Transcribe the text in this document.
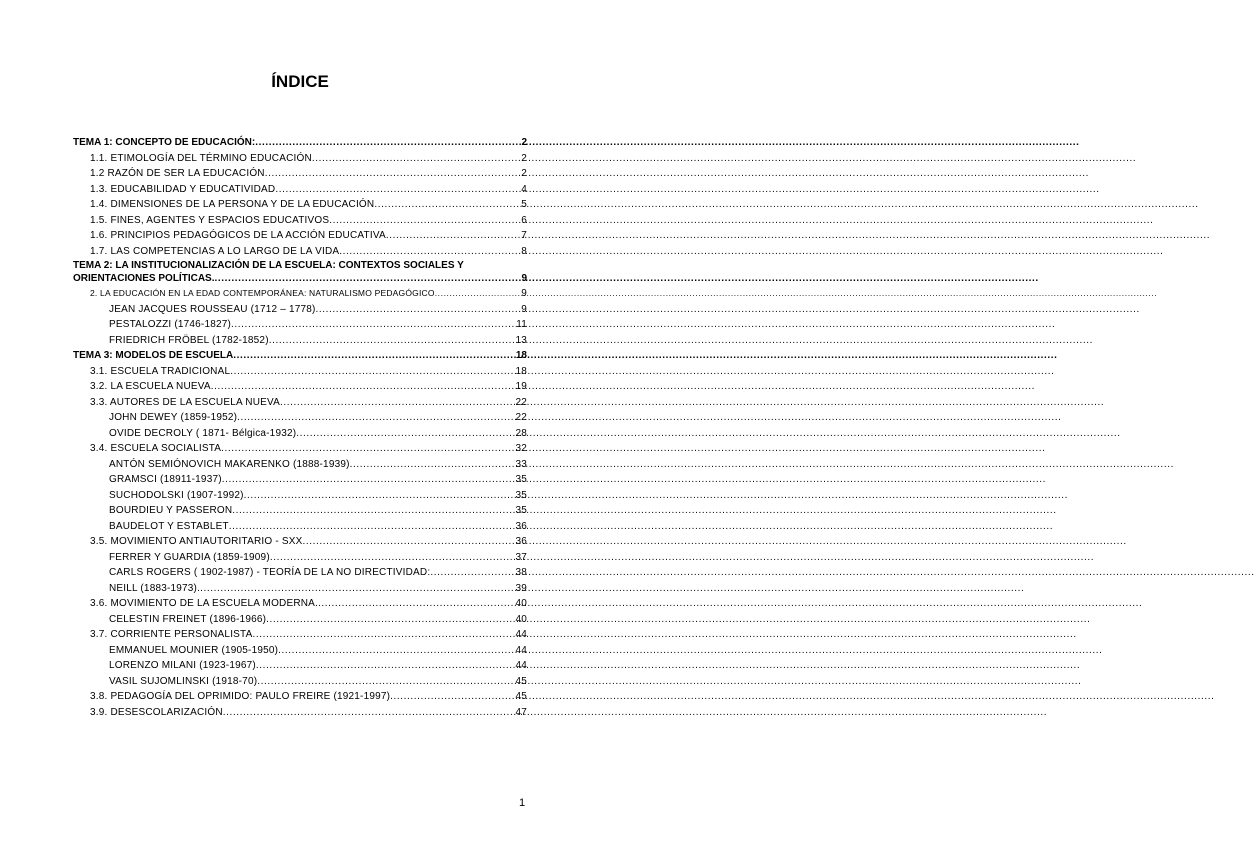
ÍNDICE
TEMA 1: CONCEPTO DE EDUCACIÓN: .....	2
1.1. ETIMOLOGÍA DEL TÉRMINO EDUCACIÓN .....	2
1.2 RAZÓN DE SER LA EDUCACIÓN .....	2
1.3. EDUCABILIDAD Y EDUCATIVIDAD .....	4
1.4. DIMENSIONES DE LA PERSONA Y DE LA EDUCACIÓN .....	5
1.5. FINES, AGENTES Y ESPACIOS EDUCATIVOS .....	6
1.6. PRINCIPIOS PEDAGÓGICOS DE LA ACCIÓN EDUCATIVA .....	7
1.7. LAS COMPETENCIAS A LO LARGO DE LA VIDA .....	8
TEMA 2: LA INSTITUCIONALIZACIÓN DE LA ESCUELA: CONTEXTOS SOCIALES Y
ORIENTACIONES POLÍTICAS. .....	9
2. LA EDUCACIÓN EN LA EDAD CONTEMPORÁNEA: NATURALISMO PEDAGÓGICO .....	9
JEAN JACQUES ROUSSEAU (1712 – 1778) .....	9
PESTALOZZI (1746-1827) .....	11
FRIEDRICH FRÖBEL (1782-1852) .....	13
TEMA 3: MODELOS DE ESCUELA .....	18
3.1. ESCUELA TRADICIONAL .....	18
3.2. LA ESCUELA NUEVA .....	19
3.3. AUTORES DE LA ESCUELA NUEVA .....	22
JOHN DEWEY (1859-1952) .....	22
OVIDE DECROLY ( 1871- Bélgica-1932) .....	28
3.4. ESCUELA SOCIALISTA .....	32
ANTÓN SEMIÓNOVICH MAKARENKO (1888-1939) .....	33
GRAMSCI (18911-1937) .....	35
SUCHODOLSKI (1907-1992) .....	35
BOURDIEU Y PASSERON .....	35
BAUDELOT Y ESTABLET .....	36
3.5. MOVIMIENTO ANTIAUTORITARIO - SXX .....	36
FERRER Y GUARDIA (1859-1909) .....	37
CARLS ROGERS ( 1902-1987) - TEORÍA DE LA NO DIRECTIVIDAD: .....	38
NEILL (1883-1973). .....	39
3.6. MOVIMIENTO DE LA ESCUELA MODERNA. .....	40
CELESTIN FREINET (1896-1966) .....	40
3.7. CORRIENTE PERSONALISTA .....	44
EMMANUEL MOUNIER (1905-1950) .....	44
LORENZO MILANI (1923-1967) .....	44
VASIL SUJOMLINSKI (1918-70) .....	45
3.8. PEDAGOGÍA DEL OPRIMIDO: PAULO FREIRE (1921-1997) .....	45
3.9. DESESCOLARIZACIÓN .....	47
1
